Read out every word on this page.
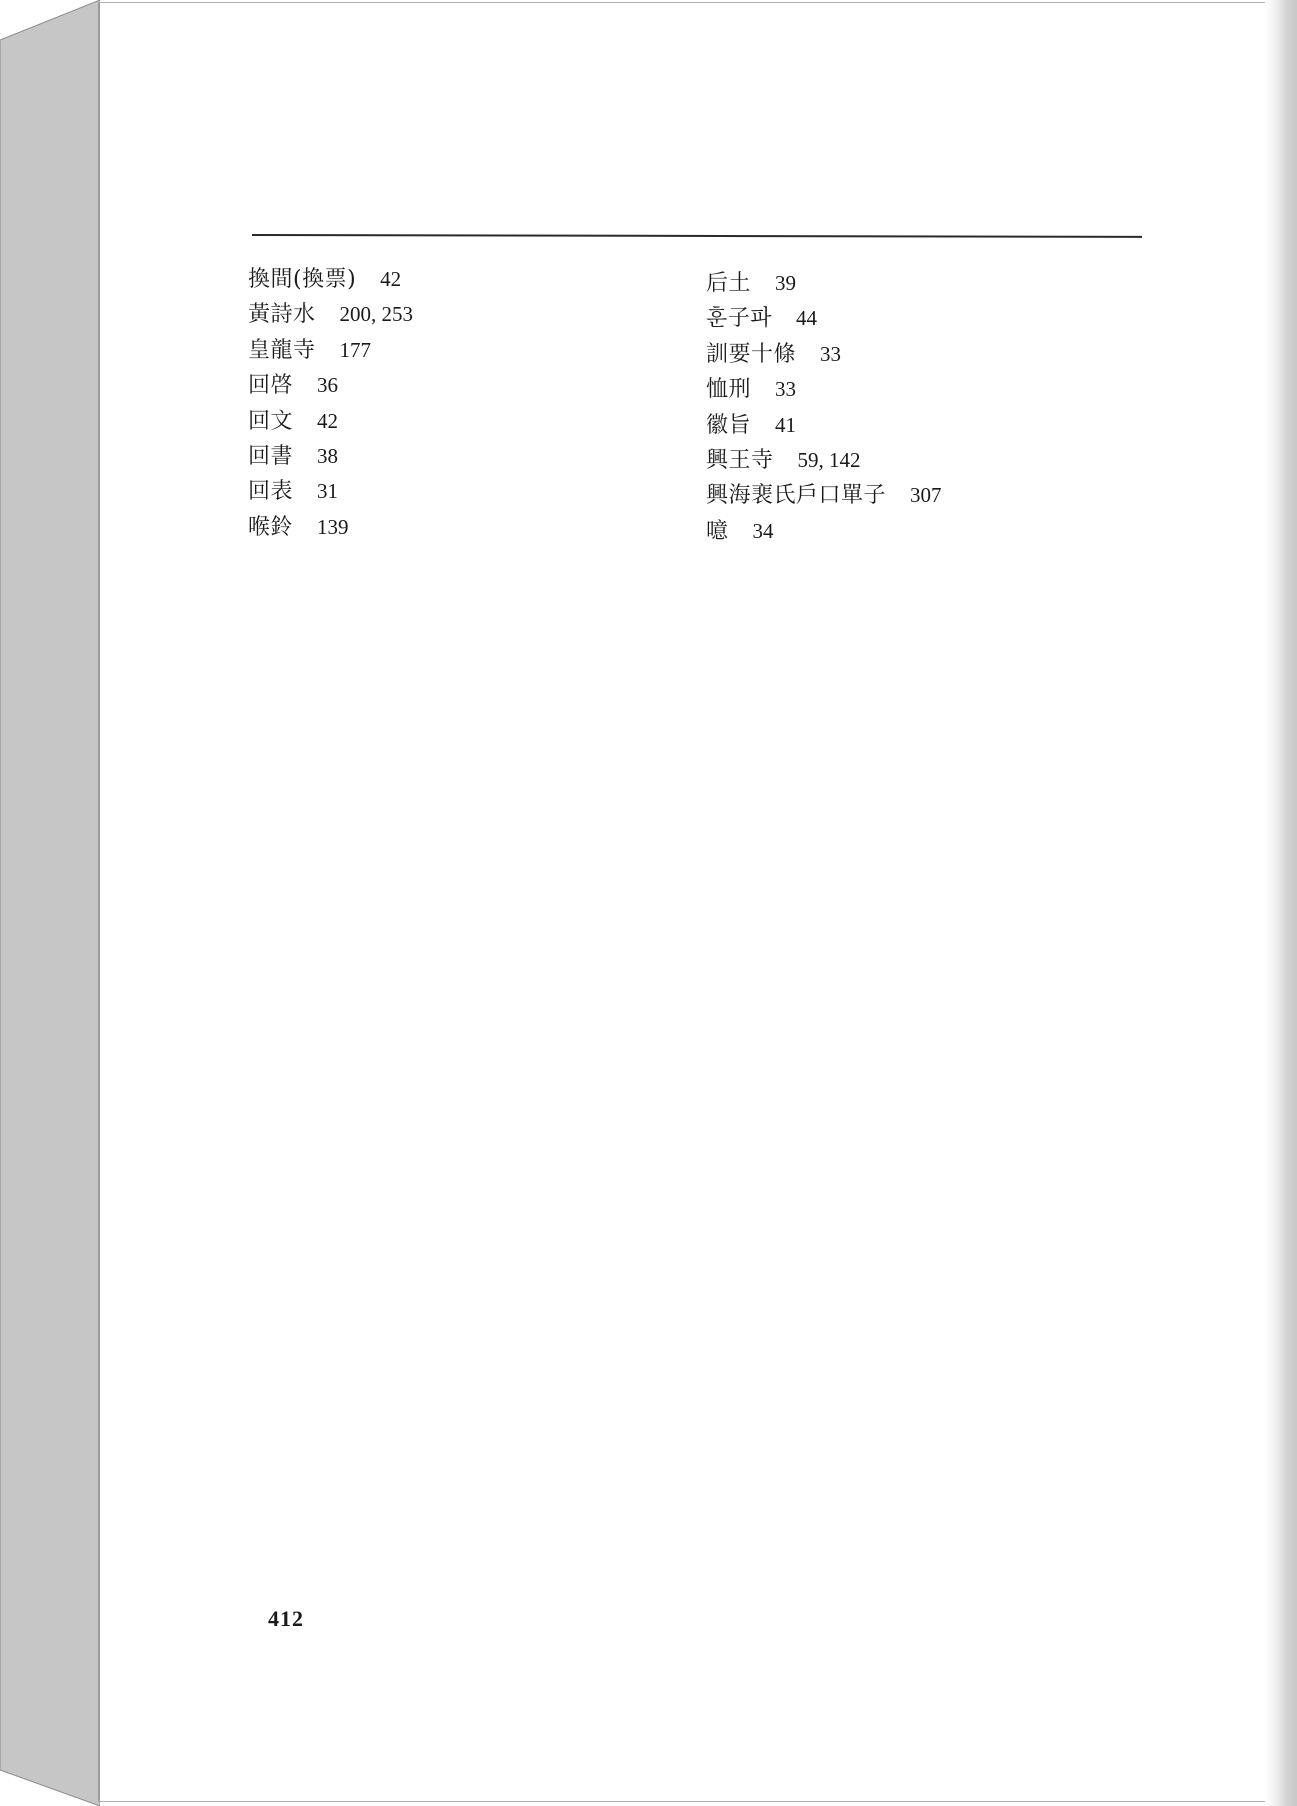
換間(換票) 42
黃詩水 200, 253
皇龍寺 177
回啓 36
回文 42
回書 38
回表 31
喉鈴 139
后土 39
훈子파 44
訓要十條 33
恤刑 33
徽旨 41
興王寺 59, 142
興海裵氏戶口單子 307
噫 34
412
